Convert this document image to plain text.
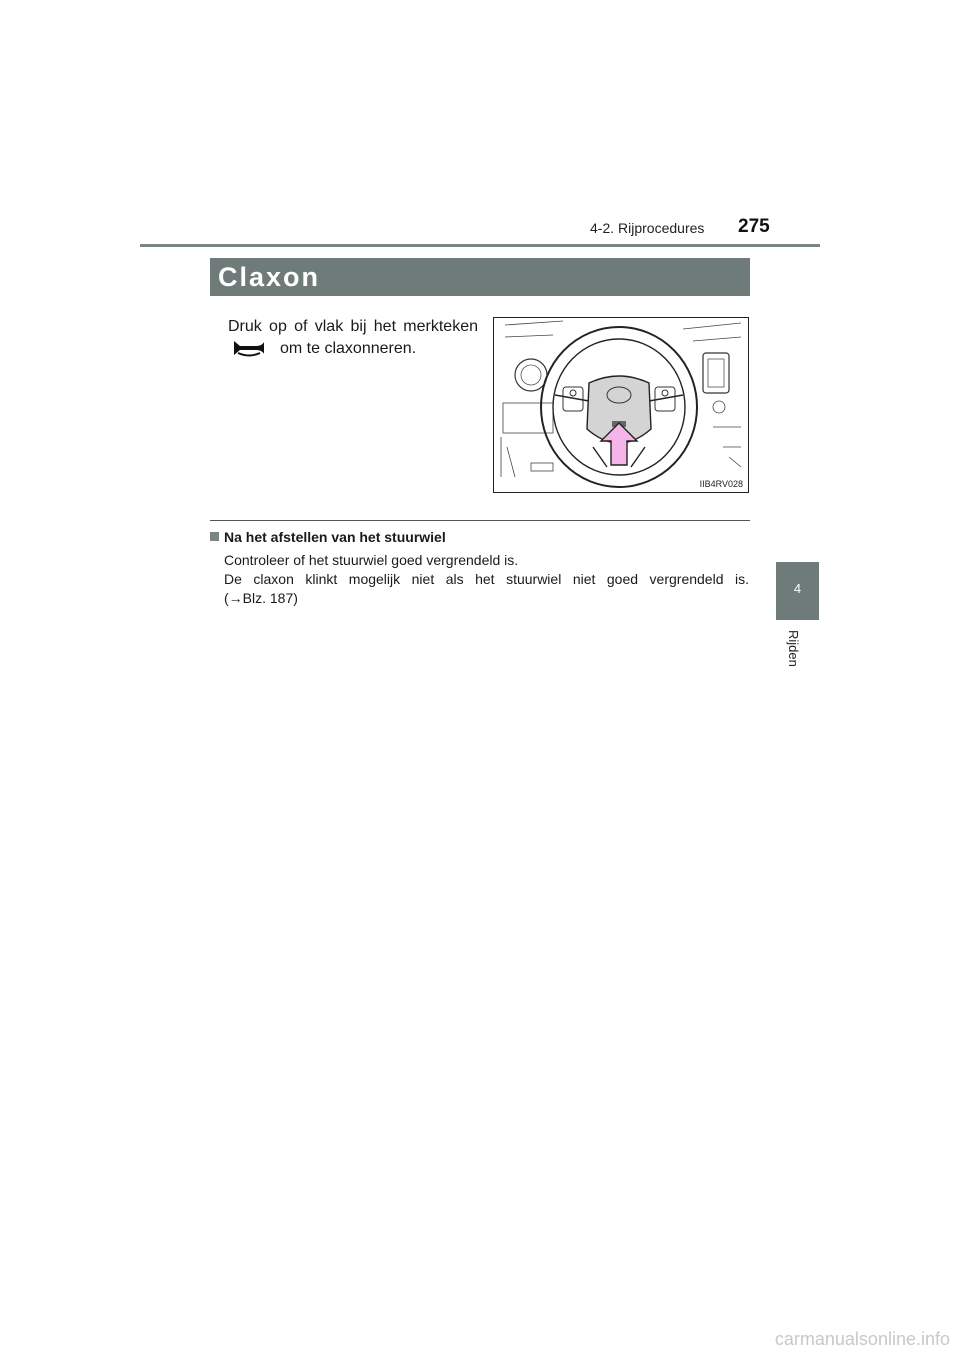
4-2. Rijprocedures 275
Claxon
Druk op of vlak bij het merkteken
om te claxonneren.
IIB4RV028
Na het afstellen van het stuurwiel

Controleer of het stuurwiel goed vergrendeld is.

De claxon klinkt mogelijk niet als het stuurwiel niet goed vergrendeld is.

(→Blz. 187)

4
Rijden
carmanualsonline.info
